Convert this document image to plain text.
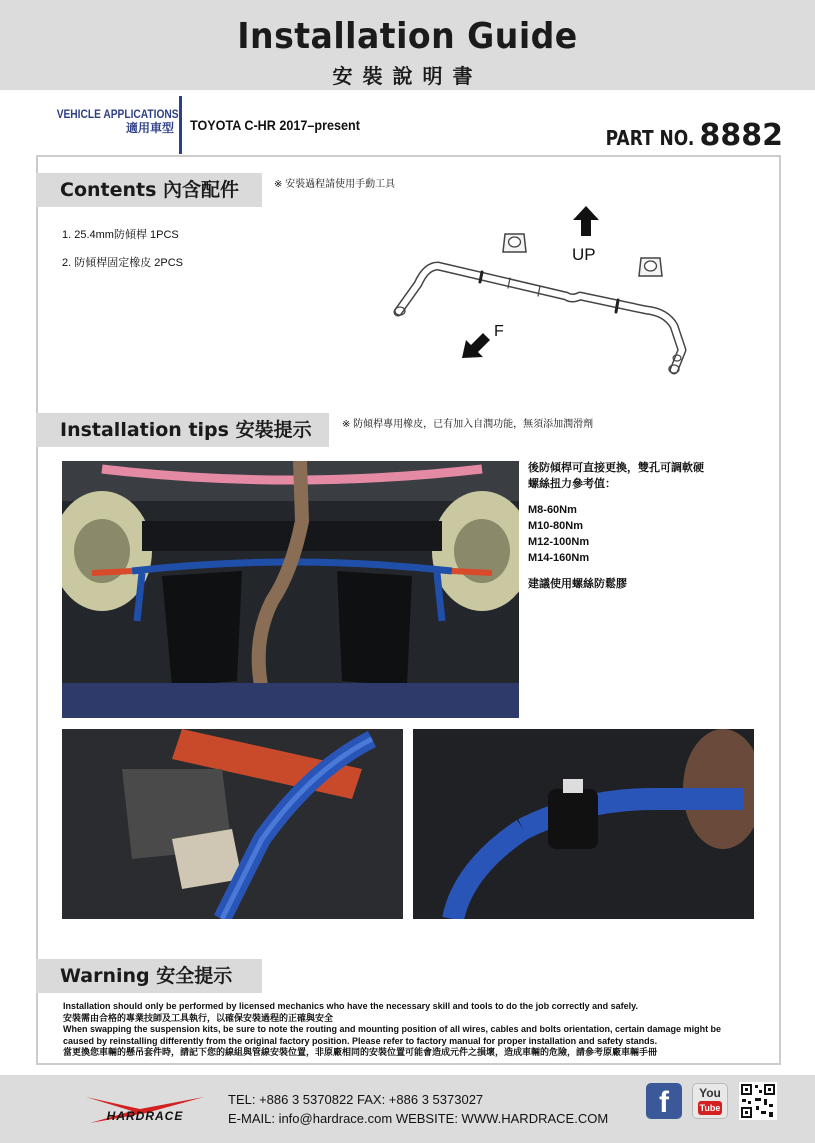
Installation Guide
安裝說明書
VEHICLE APPLICATIONS
適用車型 TOYOTA C-HR 2017–present
PART NO. 8882
Contents 內含配件	※ 安裝過程請使用手動工具
1. 25.4mm防傾桿 1PCS
2. 防傾桿固定橡皮 2PCS	UP
F
Installation tips 安裝提示	※ 防傾桿專用橡皮，已有加入自潤功能，無須添加潤滑劑
後防傾桿可直接更換，雙孔可調軟硬
螺絲扭力參考值：
M8-60Nm
M10-80Nm
M12-100Nm
M14-160Nm
建議使用螺絲防鬆膠
Warning 安全提示
Installation should only be performed by licensed mechanics who have the necessary skill and tools to do the job correctly and safely.
安裝需由合格的專業技師及工具執行，以確保安裝過程的正確與安全
When swapping the suspension kits, be sure to note the routing and mounting position of all wires, cables and bolts orientation, certain damage might be
caused by reinstalling differently from the original factory position. Please refer to factory manual for proper installation and safety stands.
當更換您車輛的懸吊套件時，請記下您的線組與管線安裝位置，非原廠相同的安裝位置可能會造成元件之損壞，造成車輛的危險，請參考原廠車輛手冊
HARDRACE
TEL: +886 3 5370822 FAX: +886 3 5373027
E-MAIL: info@hardrace.com WEBSITE: WWW.HARDRACE.COM	f	You
Tube
